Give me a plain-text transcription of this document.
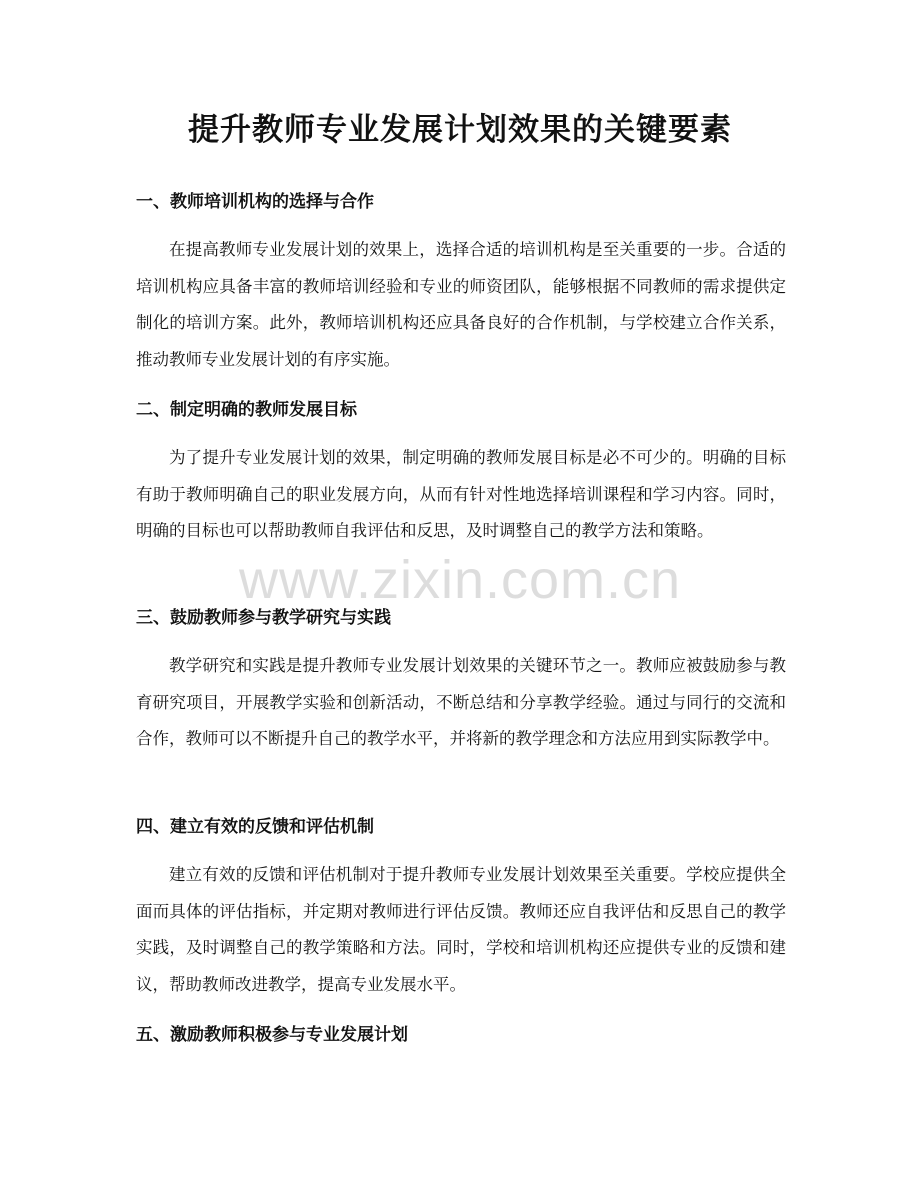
提升教师专业发展计划效果的关键要素
一、教师培训机构的选择与合作

在提高教师专业发展计划的效果上，选择合适的培训机构是至关重要的一步。合适的培训机构应具备丰富的教师培训经验和专业的师资团队，能够根据不同教师的需求提供定制化的培训方案。此外，教师培训机构还应具备良好的合作机制，与学校建立合作关系，推动教师专业发展计划的有序实施。

二、制定明确的教师发展目标

为了提升专业发展计划的效果，制定明确的教师发展目标是必不可少的。明确的目标有助于教师明确自己的职业发展方向，从而有针对性地选择培训课程和学习内容。同时，明确的目标也可以帮助教师自我评估和反思，及时调整自己的教学方法和策略。

三、鼓励教师参与教学研究与实践

教学研究和实践是提升教师专业发展计划效果的关键环节之一。教师应被鼓励参与教育研究项目，开展教学实验和创新活动，不断总结和分享教学经验。通过与同行的交流和合作，教师可以不断提升自己的教学水平，并将新的教学理念和方法应用到实际教学中。

四、建立有效的反馈和评估机制

建立有效的反馈和评估机制对于提升教师专业发展计划效果至关重要。学校应提供全面而具体的评估指标，并定期对教师进行评估反馈。教师还应自我评估和反思自己的教学实践，及时调整自己的教学策略和方法。同时，学校和培训机构还应提供专业的反馈和建议，帮助教师改进教学，提高专业发展水平。

五、激励教师积极参与专业发展计划
www.zixin.com.cn
